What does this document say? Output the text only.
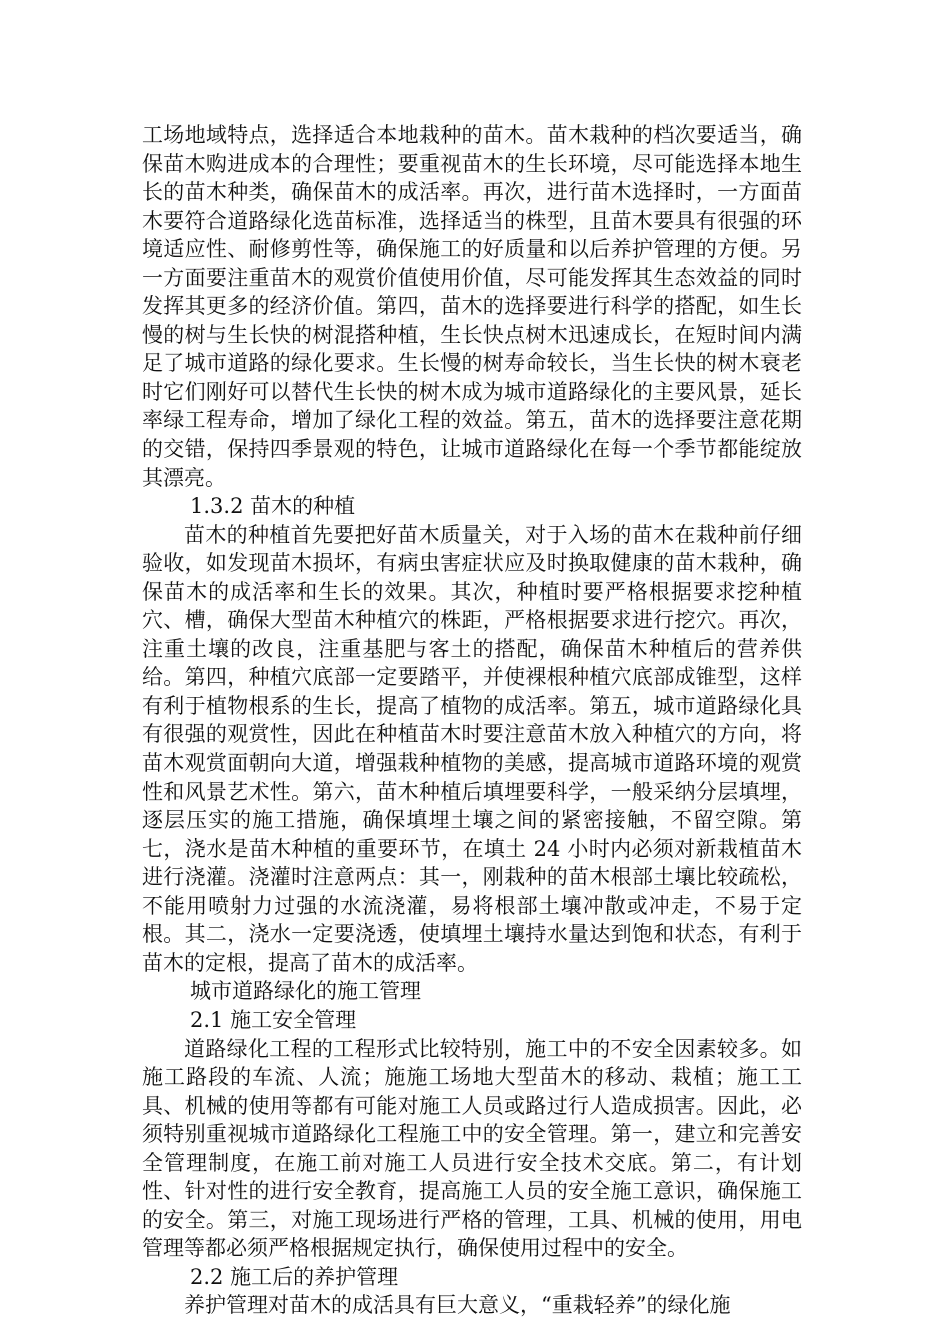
工场地域特点，选择适合本地栽种的苗木。苗木栽种的档次要适当，确保苗木购进成本的合理性；要重视苗木的生长环境，尽可能选择本地生长的苗木种类，确保苗木的成活率。再次，进行苗木选择时，一方面苗木要符合道路绿化选苗标准，选择适当的株型，且苗木要具有很强的环境适应性、耐修剪性等，确保施工的好质量和以后养护管理的方便。另一方面要注重苗木的观赏价值使用价值，尽可能发挥其生态效益的同时发挥其更多的经济价值。第四，苗木的选择要进行科学的搭配，如生长慢的树与生长快的树混搭种植，生长快点树木迅速成长，在短时间内满足了城市道路的绿化要求。生长慢的树寿命较长，当生长快的树木衰老时它们刚好可以替代生长快的树木成为城市道路绿化的主要风景，延长率绿工程寿命，增加了绿化工程的效益。第五，苗木的选择要注意花期的交错，保持四季景观的特色，让城市道路绿化在每一个季节都能绽放其漂亮。

1.3.2 苗木的种植

苗木的种植首先要把好苗木质量关，对于入场的苗木在栽种前仔细验收，如发现苗木损坏，有病虫害症状应及时换取健康的苗木栽种，确保苗木的成活率和生长的效果。其次，种植时要严格根据要求挖种植穴、槽，确保大型苗木种植穴的株距，严格根据要求进行挖穴。再次，注重土壤的改良，注重基肥与客土的搭配，确保苗木种植后的营养供给。第四，种植穴底部一定要踏平，并使裸根种植穴底部成锥型，这样有利于植物根系的生长，提高了植物的成活率。第五，城市道路绿化具有很强的观赏性，因此在种植苗木时要注意苗木放入种植穴的方向，将苗木观赏面朝向大道，增强栽种植物的美感，提高城市道路环境的观赏性和风景艺术性。第六，苗木种植后填埋要科学，一般采纳分层填埋，逐层压实的施工措施，确保填埋土壤之间的紧密接触，不留空隙。第七，浇水是苗木种植的重要环节，在填土 24 小时内必须对新栽植苗木进行浇灌。浇灌时注意两点：其一，刚栽种的苗木根部土壤比较疏松，不能用喷射力过强的水流浇灌，易将根部土壤冲散或冲走，不易于定根。其二，浇水一定要浇透，使填埋土壤持水量达到饱和状态，有利于苗木的定根，提高了苗木的成活率。

城市道路绿化的施工管理

2.1 施工安全管理

道路绿化工程的工程形式比较特别，施工中的不安全因素较多。如施工路段的车流、人流；施施工场地大型苗木的移动、栽植；施工工具、机械的使用等都有可能对施工人员或路过行人造成损害。因此，必须特别重视城市道路绿化工程施工中的安全管理。第一，建立和完善安全管理制度，在施工前对施工人员进行安全技术交底。第二，有计划性、针对性的进行安全教育，提高施工人员的安全施工意识，确保施工的安全。第三，对施工现场进行严格的管理，工具、机械的使用，用电管理等都必须严格根据规定执行，确保使用过程中的安全。

2.2 施工后的养护管理

养护管理对苗木的成活具有巨大意义，“重栽轻养”的绿化施
